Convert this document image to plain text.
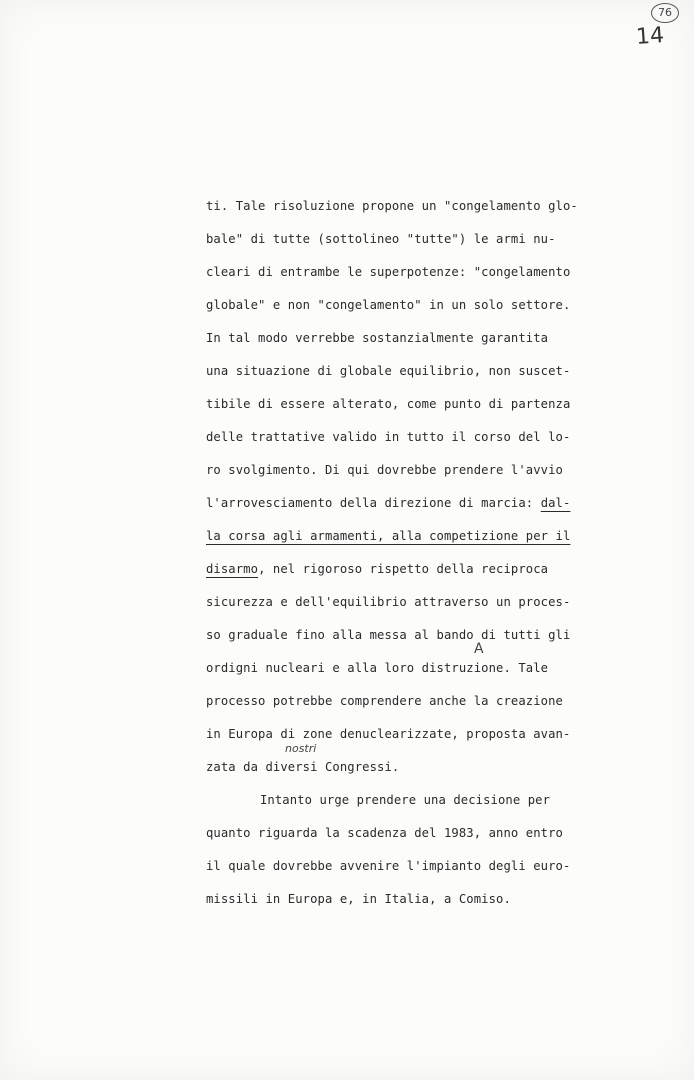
76
14
ti. Tale risoluzione propone un "congelamento glo-
bale" di tutte (sottolineo "tutte") le armi nu-
cleari di entrambe le superpotenze: "congelamento
globale" e non "congelamento" in un solo settore.
In tal modo verrebbe sostanzialmente garantita
una situazione di globale equilibrio, non suscet-
tibile di essere alterato, come punto di partenza
delle trattative valido in tutto il corso del lo-
ro svolgimento. Di qui dovrebbe prendere l'avvio
l'arrovesciamento della direzione di marcia: dal-
la corsa agli armamenti, alla competizione per il
disarmo, nel rigoroso rispetto della reciproca
sicurezza e dell'equilibrio attraverso un proces-
so graduale fino alla messa al bando di tutti gli
A
ordigni nucleari e alla loro distruzione. Tale
processo potrebbe comprendere anche la creazione
in Europa di zone denuclearizzate, proposta avan-
nostri
zata da diversi Congressi.
Intanto urge prendere una decisione per
quanto riguarda la scadenza del 1983, anno entro
il quale dovrebbe avvenire l'impianto degli euro-
missili in Europa e, in Italia, a Comiso.
